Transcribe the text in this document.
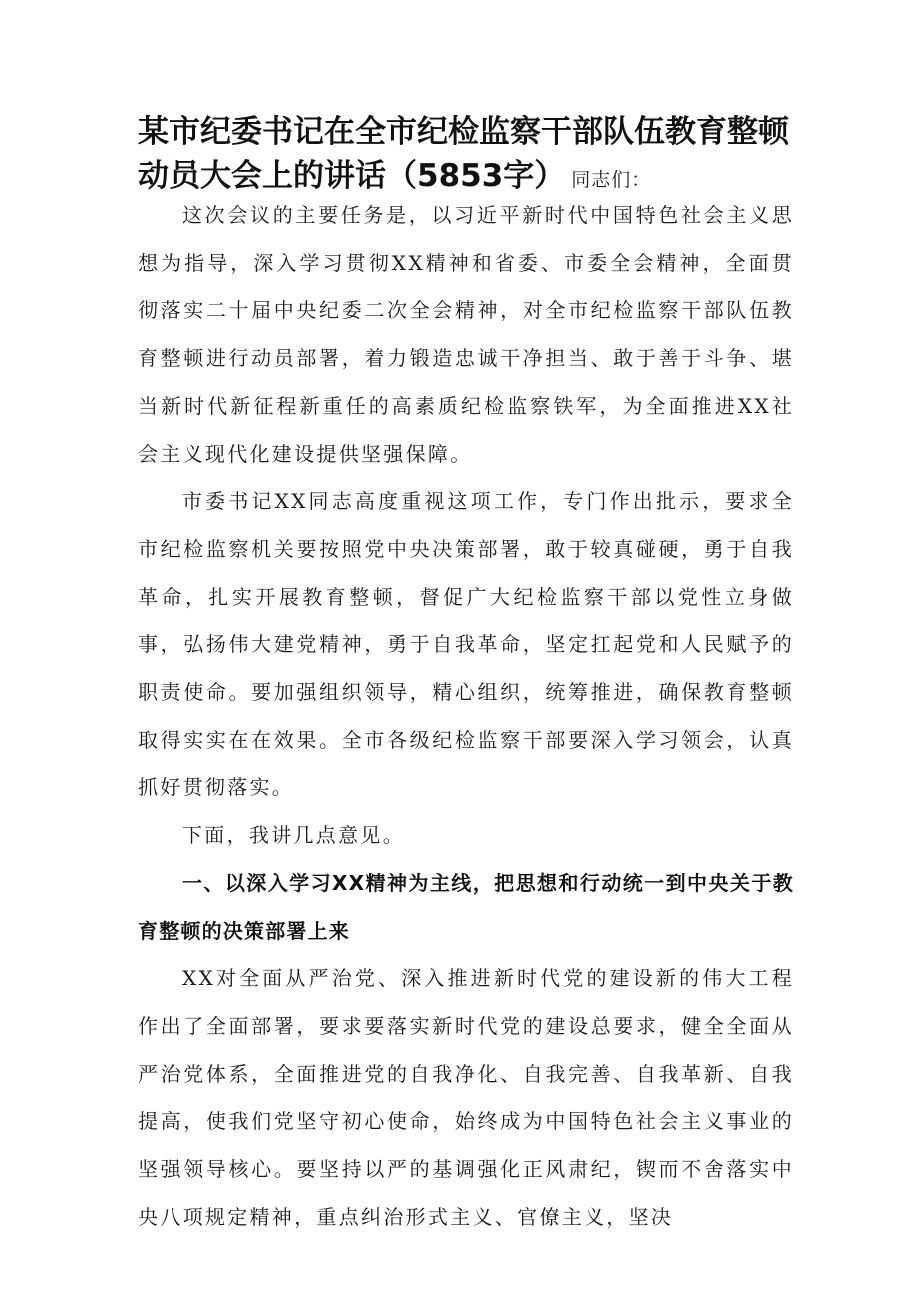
某市纪委书记在全市纪检监察干部队伍教育整顿动员大会上的讲话（5853字） 同志们：

这次会议的主要任务是，以习近平新时代中国特色社会主义思想为指导，深入学习贯彻XX精神和省委、市委全会精神，全面贯彻落实二十届中央纪委二次全会精神，对全市纪检监察干部队伍教育整顿进行动员部署，着力锻造忠诚干净担当、敢于善于斗争、堪当新时代新征程新重任的高素质纪检监察铁军，为全面推进XX社会主义现代化建设提供坚强保障。

市委书记XX同志高度重视这项工作，专门作出批示，要求全市纪检监察机关要按照党中央决策部署，敢于较真碰硬，勇于自我革命，扎实开展教育整顿，督促广大纪检监察干部以党性立身做事，弘扬伟大建党精神，勇于自我革命，坚定扛起党和人民赋予的职责使命。要加强组织领导，精心组织，统筹推进，确保教育整顿取得实实在在效果。全市各级纪检监察干部要深入学习领会，认真抓好贯彻落实。

下面，我讲几点意见。

一、以深入学习XX精神为主线，把思想和行动统一到中央关于教育整顿的决策部署上来

XX对全面从严治党、深入推进新时代党的建设新的伟大工程作出了全面部署，要求要落实新时代党的建设总要求，健全全面从严治党体系，全面推进党的自我净化、自我完善、自我革新、自我提高，使我们党坚守初心使命，始终成为中国特色社会主义事业的坚强领导核心。要坚持以严的基调强化正风肃纪，锲而不舍落实中央八项规定精神，重点纠治形式主义、官僚主义，坚决
